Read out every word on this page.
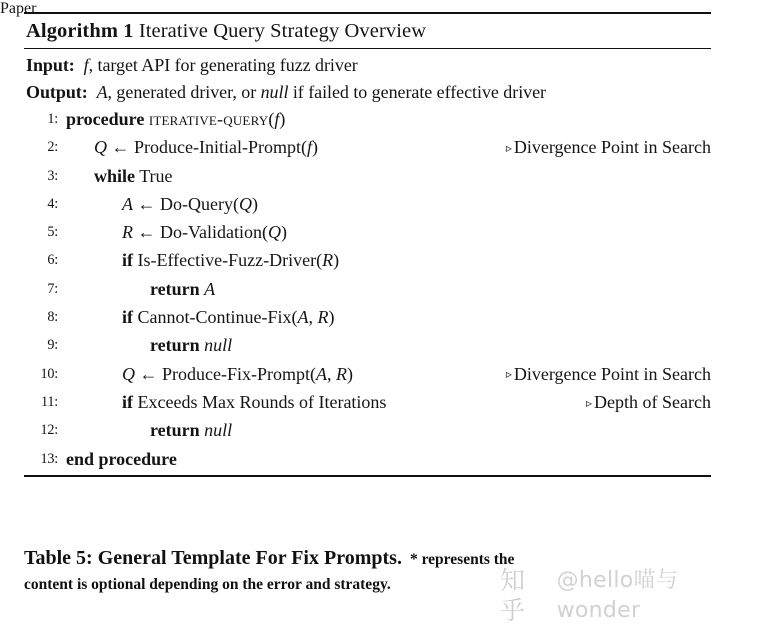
Algorithm 1 Iterative Query Strategy Overview
Input: f, target API for generating fuzz driver
Output: A, generated driver, or null if failed to generate effective driver
1: procedure iterative-query(f)
2:	Q ← Produce-Initial-Prompt(f)	▹ Divergence Point in Search
3:	while True
4:	A ← Do-Query(Q)
5:	R ← Do-Validation(Q)
6:	if Is-Effective-Fuzz-Driver(R)
7:	return A
8:	if Cannot-Continue-Fix(A, R)
9:	return null
10:	Q ← Produce-Fix-Prompt(A, R)	▹ Divergence Point in Search
11:	if Exceeds Max Rounds of Iterations	▹ Depth of Search
12:	return null
13: end procedure
Table 5: General Template For Fix Prompts. * represents the
content is optional depending on the error and strategy.	知乎
@hello喵与wonder
Paper
